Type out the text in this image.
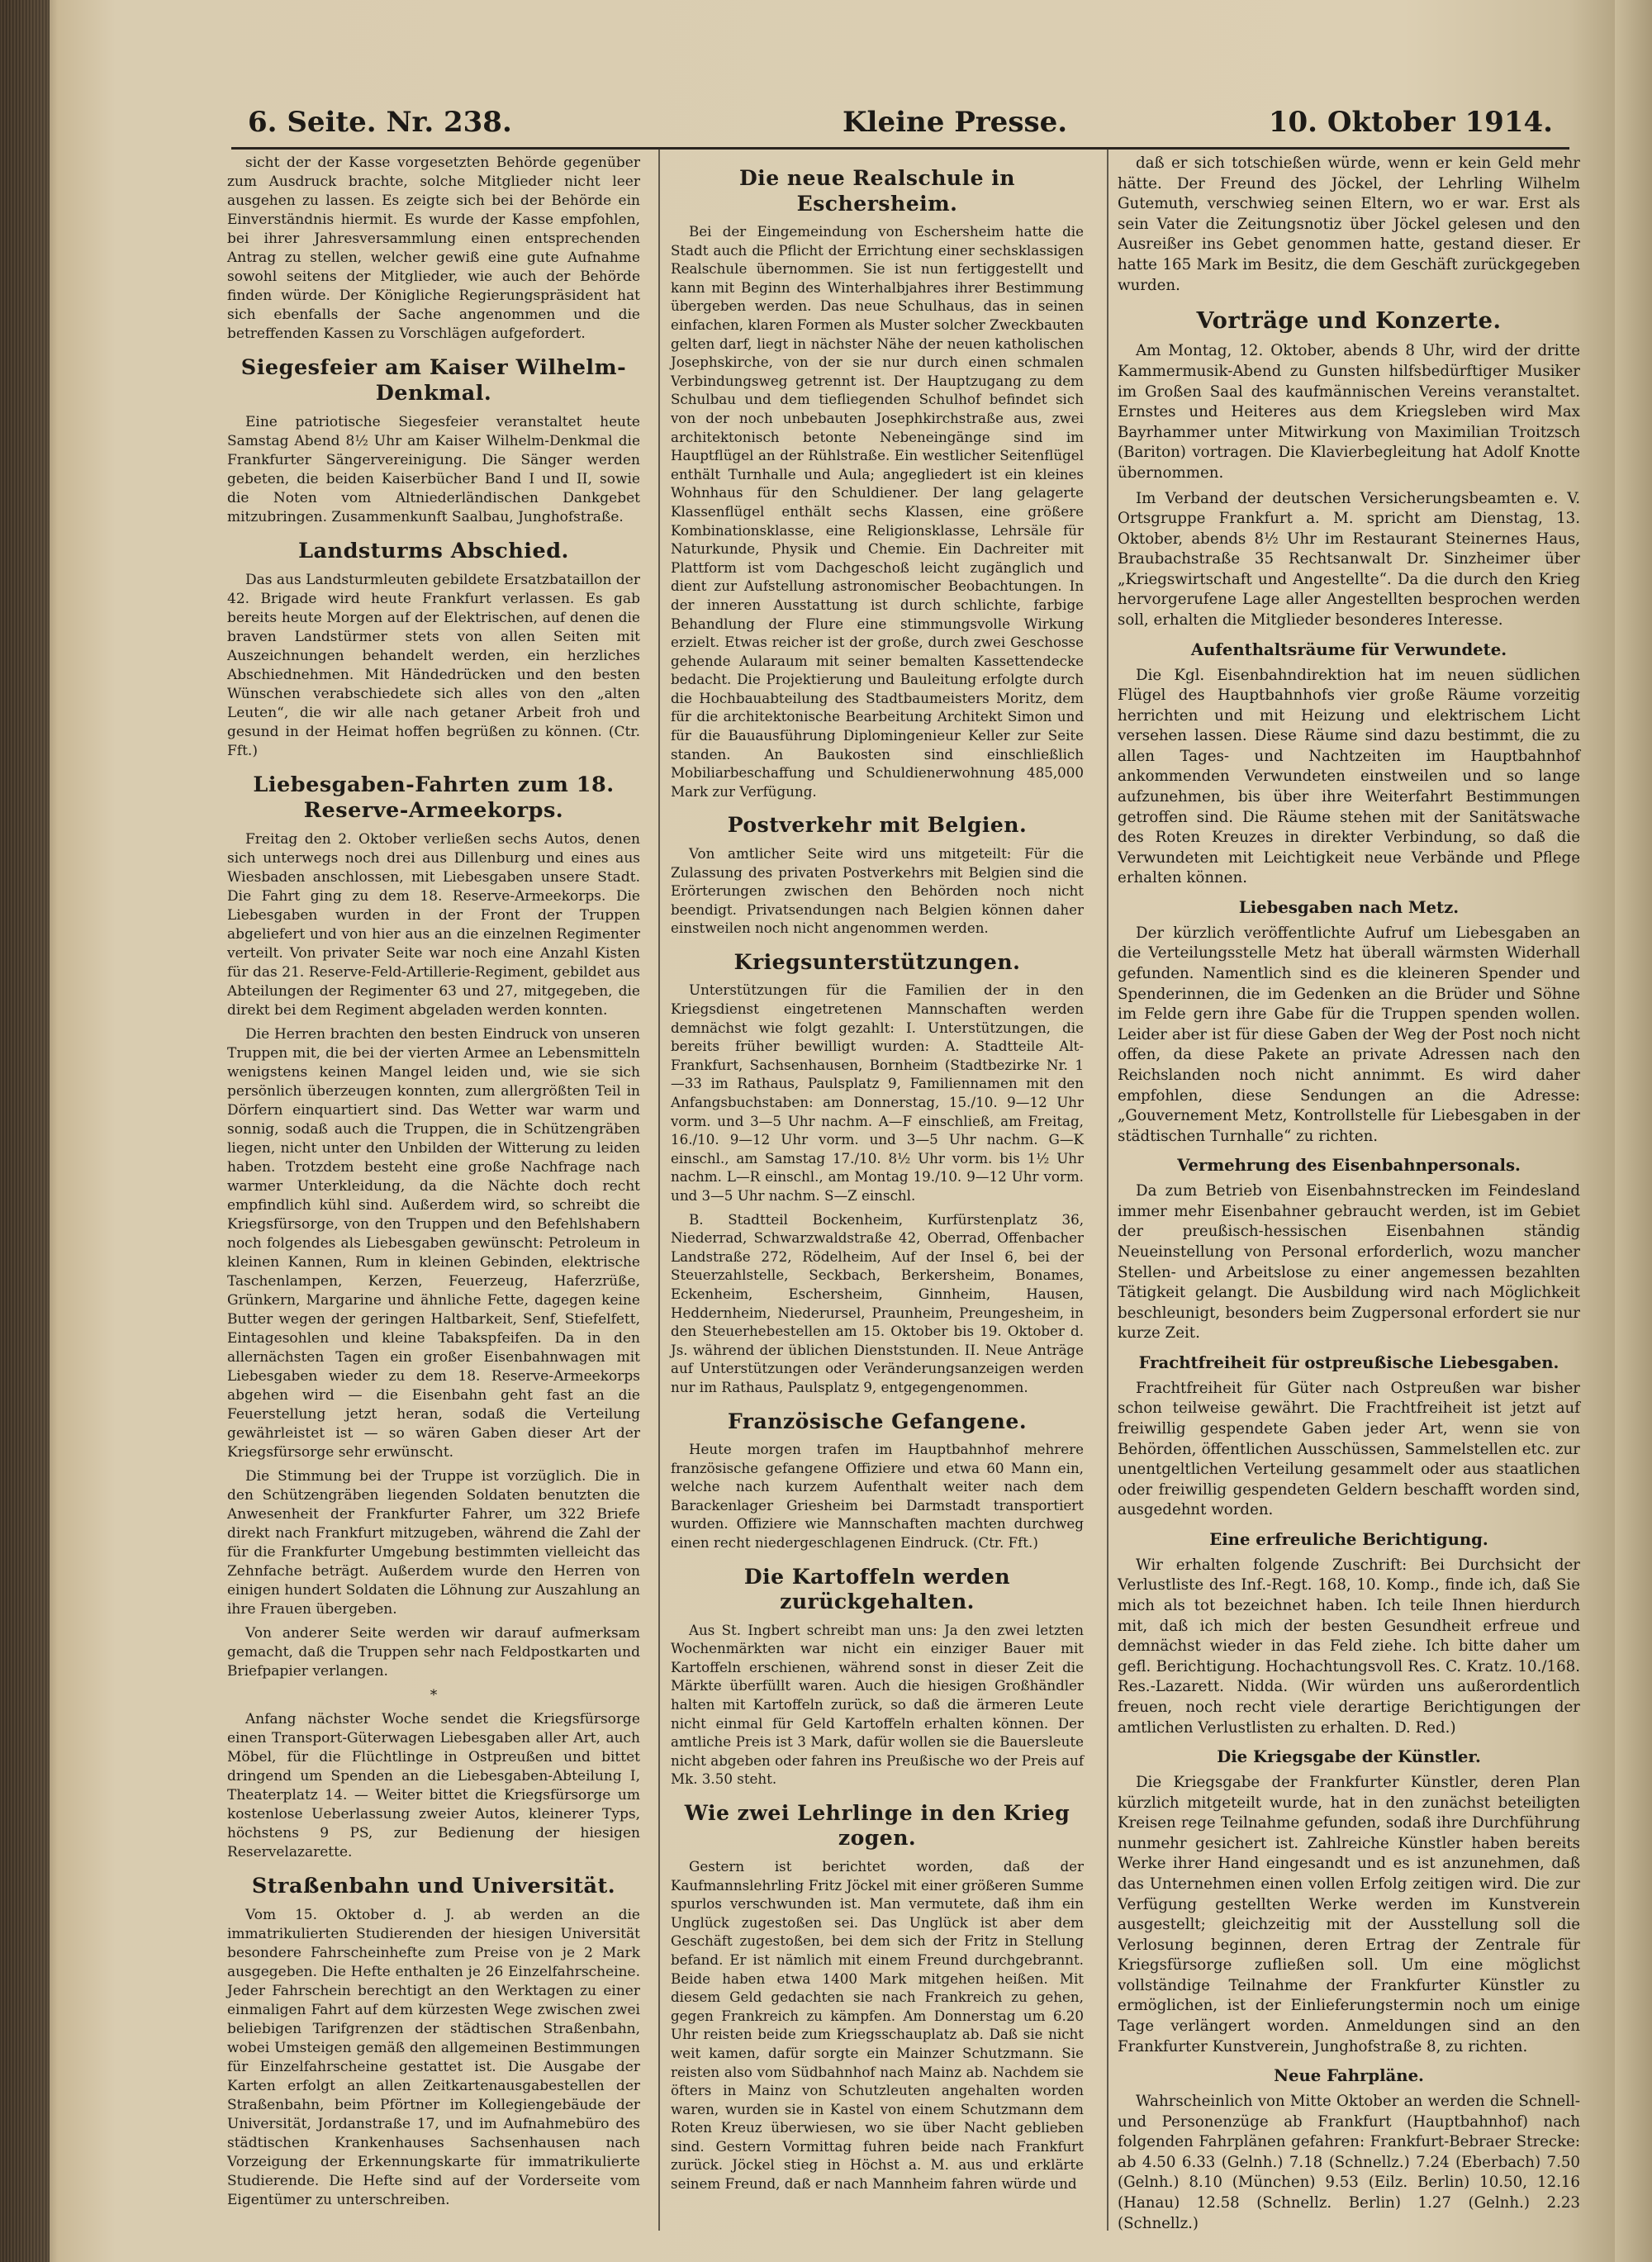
6. Seite. Nr. 238.	Kleine Presse.	10. Oktober 1914.

sicht der der Kasse vorgesetzten Behörde gegenüber zum Ausdruck brachte, solche Mitglieder nicht leer ausgehen zu lassen. Es zeigte sich bei der Behörde ein Einverständnis hiermit. Es wurde der Kasse empfohlen, bei ihrer Jahresversammlung einen entsprechenden Antrag zu stellen, welcher gewiß eine gute Aufnahme sowohl seitens der Mitglieder, wie auch der Behörde finden würde. Der Königliche Regierungspräsident hat sich ebenfalls der Sache angenommen und die betreffenden Kassen zu Vorschlägen aufgefordert.

Siegesfeier am Kaiser Wilhelm-Denkmal.

Eine patriotische Siegesfeier veranstaltet heute Samstag Abend 8½ Uhr am Kaiser Wilhelm-Denkmal die Frankfurter Sängervereinigung. Die Sänger werden gebeten, die beiden Kaiserbücher Band I und II, sowie die Noten vom Altniederländischen Dankgebet mitzubringen. Zusammenkunft Saalbau, Junghofstraße.

Landsturms Abschied.

Das aus Landsturmleuten gebildete Ersatzbataillon der 42. Brigade wird heute Frankfurt verlassen. Es gab bereits heute Morgen auf der Elektrischen, auf denen die braven Landstürmer stets von allen Seiten mit Auszeichnungen behandelt werden, ein herzliches Abschiednehmen. Mit Händedrücken und den besten Wünschen verabschiedete sich alles von den „alten Leuten“, die wir alle nach getaner Arbeit froh und gesund in der Heimat hoffen begrüßen zu können. (Ctr. Fft.)

Liebesgaben-Fahrten zum 18. Reserve-Armeekorps.

Freitag den 2. Oktober verließen sechs Autos, denen sich unterwegs noch drei aus Dillenburg und eines aus Wiesbaden anschlossen, mit Liebesgaben unsere Stadt. Die Fahrt ging zu dem 18. Reserve-Armeekorps. Die Liebesgaben wurden in der Front der Truppen abgeliefert und von hier aus an die einzelnen Regimenter verteilt. Von privater Seite war noch eine Anzahl Kisten für das 21. Reserve-Feld-Artillerie-Regiment, gebildet aus Abteilungen der Regimenter 63 und 27, mitgegeben, die direkt bei dem Regiment abgeladen werden konnten.

Die Herren brachten den besten Eindruck von unseren Truppen mit, die bei der vierten Armee an Lebensmitteln wenigstens keinen Mangel leiden und, wie sie sich persönlich überzeugen konnten, zum allergrößten Teil in Dörfern einquartiert sind. Das Wetter war warm und sonnig, sodaß auch die Truppen, die in Schützengräben liegen, nicht unter den Unbilden der Witterung zu leiden haben. Trotzdem besteht eine große Nachfrage nach warmer Unterkleidung, da die Nächte doch recht empfindlich kühl sind. Außerdem wird, so schreibt die Kriegsfürsorge, von den Truppen und den Befehlshabern noch folgendes als Liebesgaben gewünscht: Petroleum in kleinen Kannen, Rum in kleinen Gebinden, elektrische Taschenlampen, Kerzen, Feuerzeug, Haferzrüße, Grünkern, Margarine und ähnliche Fette, dagegen keine Butter wegen der geringen Haltbarkeit, Senf, Stiefelfett, Eintagesohlen und kleine Tabakspfeifen. Da in den allernächsten Tagen ein großer Eisenbahnwagen mit Liebesgaben wieder zu dem 18. Reserve-Armeekorps abgehen wird — die Eisenbahn geht fast an die Feuerstellung jetzt heran, sodaß die Verteilung gewährleistet ist — so wären Gaben dieser Art der Kriegsfürsorge sehr erwünscht.

Die Stimmung bei der Truppe ist vorzüglich. Die in den Schützengräben liegenden Soldaten benutzten die Anwesenheit der Frankfurter Fahrer, um 322 Briefe direkt nach Frankfurt mitzugeben, während die Zahl der für die Frankfurter Umgebung bestimmten vielleicht das Zehnfache beträgt. Außerdem wurde den Herren von einigen hundert Soldaten die Löhnung zur Auszahlung an ihre Frauen übergeben.

Von anderer Seite werden wir darauf aufmerksam gemacht, daß die Truppen sehr nach Feldpostkarten und Briefpapier verlangen.

*

Anfang nächster Woche sendet die Kriegsfürsorge einen Transport-Güterwagen Liebesgaben aller Art, auch Möbel, für die Flüchtlinge in Ostpreußen und bittet dringend um Spenden an die Liebesgaben-Abteilung I, Theaterplatz 14. — Weiter bittet die Kriegsfürsorge um kostenlose Ueberlassung zweier Autos, kleinerer Typs, höchstens 9 PS, zur Bedienung der hiesigen Reservelazarette.

Straßenbahn und Universität.

Vom 15. Oktober d. J. ab werden an die immatrikulierten Studierenden der hiesigen Universität besondere Fahrscheinhefte zum Preise von je 2 Mark ausgegeben. Die Hefte enthalten je 26 Einzelfahrscheine. Jeder Fahrschein berechtigt an den Werktagen zu einer einmaligen Fahrt auf dem kürzesten Wege zwischen zwei beliebigen Tarifgrenzen der städtischen Straßenbahn, wobei Umsteigen gemäß den allgemeinen Bestimmungen für Einzelfahrscheine gestattet ist. Die Ausgabe der Karten erfolgt an allen Zeitkartenausgabestellen der Straßenbahn, beim Pförtner im Kollegiengebäude der Universität, Jordanstraße 17, und im Aufnahmebüro des städtischen Krankenhauses Sachsenhausen nach Vorzeigung der Erkennungskarte für immatrikulierte Studierende. Die Hefte sind auf der Vorderseite vom Eigentümer zu unterschreiben.

Die neue Realschule in Eschersheim.

Bei der Eingemeindung von Eschersheim hatte die Stadt auch die Pflicht der Errichtung einer sechsklassigen Realschule übernommen. Sie ist nun fertiggestellt und kann mit Beginn des Winterhalbjahres ihrer Bestimmung übergeben werden. Das neue Schulhaus, das in seinen einfachen, klaren Formen als Muster solcher Zweckbauten gelten darf, liegt in nächster Nähe der neuen katholischen Josephskirche, von der sie nur durch einen schmalen Verbindungsweg getrennt ist. Der Hauptzugang zu dem Schulbau und dem tiefliegenden Schulhof befindet sich von der noch unbebauten Josephkirchstraße aus, zwei architektonisch betonte Nebeneingänge sind im Hauptflügel an der Rühlstraße. Ein westlicher Seitenflügel enthält Turnhalle und Aula; angegliedert ist ein kleines Wohnhaus für den Schuldiener. Der lang gelagerte Klassenflügel enthält sechs Klassen, eine größere Kombinationsklasse, eine Religionsklasse, Lehrsäle für Naturkunde, Physik und Chemie. Ein Dachreiter mit Plattform ist vom Dachgeschoß leicht zugänglich und dient zur Aufstellung astronomischer Beobachtungen. In der inneren Ausstattung ist durch schlichte, farbige Behandlung der Flure eine stimmungsvolle Wirkung erzielt. Etwas reicher ist der große, durch zwei Geschosse gehende Aularaum mit seiner bemalten Kassettendecke bedacht. Die Projektierung und Bauleitung erfolgte durch die Hochbauabteilung des Stadtbaumeisters Moritz, dem für die architektonische Bearbeitung Architekt Simon und für die Bauausführung Diplomingenieur Keller zur Seite standen. An Baukosten sind einschließlich Mobiliarbeschaffung und Schuldienerwohnung 485,000 Mark zur Verfügung.

Postverkehr mit Belgien.

Von amtlicher Seite wird uns mitgeteilt: Für die Zulassung des privaten Postverkehrs mit Belgien sind die Erörterungen zwischen den Behörden noch nicht beendigt. Privatsendungen nach Belgien können daher einstweilen noch nicht angenommen werden.

Kriegsunterstützungen.

Unterstützungen für die Familien der in den Kriegsdienst eingetretenen Mannschaften werden demnächst wie folgt gezahlt: I. Unterstützungen, die bereits früher bewilligt wurden: A. Stadtteile Alt-Frankfurt, Sachsenhausen, Bornheim (Stadtbezirke Nr. 1—33 im Rathaus, Paulsplatz 9, Familiennamen mit den Anfangsbuchstaben: am Donnerstag, 15./10. 9—12 Uhr vorm. und 3—5 Uhr nachm. A—F einschließ, am Freitag, 16./10. 9—12 Uhr vorm. und 3—5 Uhr nachm. G—K einschl., am Samstag 17./10. 8½ Uhr vorm. bis 1½ Uhr nachm. L—R einschl., am Montag 19./10. 9—12 Uhr vorm. und 3—5 Uhr nachm. S—Z einschl.

B. Stadtteil Bockenheim, Kurfürstenplatz 36, Niederrad, Schwarzwaldstraße 42, Oberrad, Offenbacher Landstraße 272, Rödelheim, Auf der Insel 6, bei der Steuerzahlstelle, Seckbach, Berkersheim, Bonames, Eckenheim, Eschersheim, Ginnheim, Hausen, Heddernheim, Niederursel, Praunheim, Preungesheim, in den Steuerhebestellen am 15. Oktober bis 19. Oktober d. Js. während der üblichen Dienststunden. II. Neue Anträge auf Unterstützungen oder Veränderungsanzeigen werden nur im Rathaus, Paulsplatz 9, entgegengenommen.

Französische Gefangene.

Heute morgen trafen im Hauptbahnhof mehrere französische gefangene Offiziere und etwa 60 Mann ein, welche nach kurzem Aufenthalt weiter nach dem Barackenlager Griesheim bei Darmstadt transportiert wurden. Offiziere wie Mannschaften machten durchweg einen recht niedergeschlagenen Eindruck. (Ctr. Fft.)

Die Kartoffeln werden zurückgehalten.

Aus St. Ingbert schreibt man uns: Ja den zwei letzten Wochenmärkten war nicht ein einziger Bauer mit Kartoffeln erschienen, während sonst in dieser Zeit die Märkte überfüllt waren. Auch die hiesigen Großhändler halten mit Kartoffeln zurück, so daß die ärmeren Leute nicht einmal für Geld Kartoffeln erhalten können. Der amtliche Preis ist 3 Mark, dafür wollen sie die Bauersleute nicht abgeben oder fahren ins Preußische wo der Preis auf Mk. 3.50 steht.

Wie zwei Lehrlinge in den Krieg zogen.

Gestern ist berichtet worden, daß der Kaufmannslehrling Fritz Jöckel mit einer größeren Summe spurlos verschwunden ist. Man vermutete, daß ihm ein Unglück zugestoßen sei. Das Unglück ist aber dem Geschäft zugestoßen, bei dem sich der Fritz in Stellung befand. Er ist nämlich mit einem Freund durchgebrannt. Beide haben etwa 1400 Mark mitgehen heißen. Mit diesem Geld gedachten sie nach Frankreich zu gehen, gegen Frankreich zu kämpfen. Am Donnerstag um 6.20 Uhr reisten beide zum Kriegsschauplatz ab. Daß sie nicht weit kamen, dafür sorgte ein Mainzer Schutzmann. Sie reisten also vom Südbahnhof nach Mainz ab. Nachdem sie öfters in Mainz von Schutzleuten angehalten worden waren, wurden sie in Kastel von einem Schutzmann dem Roten Kreuz überwiesen, wo sie über Nacht geblieben sind. Gestern Vormittag fuhren beide nach Frankfurt zurück. Jöckel stieg in Höchst a. M. aus und erklärte seinem Freund, daß er nach Mannheim fahren würde und

daß er sich totschießen würde, wenn er kein Geld mehr hätte. Der Freund des Jöckel, der Lehrling Wilhelm Gutemuth, verschwieg seinen Eltern, wo er war. Erst als sein Vater die Zeitungsnotiz über Jöckel gelesen und den Ausreißer ins Gebet genommen hatte, gestand dieser. Er hatte 165 Mark im Besitz, die dem Geschäft zurückgegeben wurden.

Vorträge und Konzerte.

Am Montag, 12. Oktober, abends 8 Uhr, wird der dritte Kammermusik-Abend zu Gunsten hilfsbedürftiger Musiker im Großen Saal des kaufmännischen Vereins veranstaltet. Ernstes und Heiteres aus dem Kriegsleben wird Max Bayrhammer unter Mitwirkung von Maximilian Troitzsch (Bariton) vortragen. Die Klavierbegleitung hat Adolf Knotte übernommen.

Im Verband der deutschen Versicherungsbeamten e. V. Ortsgruppe Frankfurt a. M. spricht am Dienstag, 13. Oktober, abends 8½ Uhr im Restaurant Steinernes Haus, Braubachstraße 35 Rechtsanwalt Dr. Sinzheimer über „Kriegswirtschaft und Angestellte“. Da die durch den Krieg hervorgerufene Lage aller Angestellten besprochen werden soll, erhalten die Mitglieder besonderes Interesse.

Aufenthaltsräume für Verwundete.

Die Kgl. Eisenbahndirektion hat im neuen südlichen Flügel des Hauptbahnhofs vier große Räume vorzeitig herrichten und mit Heizung und elektrischem Licht versehen lassen. Diese Räume sind dazu bestimmt, die zu allen Tages- und Nachtzeiten im Hauptbahnhof ankommenden Verwundeten einstweilen und so lange aufzunehmen, bis über ihre Weiterfahrt Bestimmungen getroffen sind. Die Räume stehen mit der Sanitätswache des Roten Kreuzes in direkter Verbindung, so daß die Verwundeten mit Leichtigkeit neue Verbände und Pflege erhalten können.

Liebesgaben nach Metz.

Der kürzlich veröffentlichte Aufruf um Liebesgaben an die Verteilungsstelle Metz hat überall wärmsten Widerhall gefunden. Namentlich sind es die kleineren Spender und Spenderinnen, die im Gedenken an die Brüder und Söhne im Felde gern ihre Gabe für die Truppen spenden wollen. Leider aber ist für diese Gaben der Weg der Post noch nicht offen, da diese Pakete an private Adressen nach den Reichslanden noch nicht annimmt. Es wird daher empfohlen, diese Sendungen an die Adresse: „Gouvernement Metz, Kontrollstelle für Liebesgaben in der städtischen Turnhalle“ zu richten.

Vermehrung des Eisenbahnpersonals.

Da zum Betrieb von Eisenbahnstrecken im Feindesland immer mehr Eisenbahner gebraucht werden, ist im Gebiet der preußisch-hessischen Eisenbahnen ständig Neueinstellung von Personal erforderlich, wozu mancher Stellen- und Arbeitslose zu einer angemessen bezahlten Tätigkeit gelangt. Die Ausbildung wird nach Möglichkeit beschleunigt, besonders beim Zugpersonal erfordert sie nur kurze Zeit.

Frachtfreiheit für ostpreußische Liebesgaben.

Frachtfreiheit für Güter nach Ostpreußen war bisher schon teilweise gewährt. Die Frachtfreiheit ist jetzt auf freiwillig gespendete Gaben jeder Art, wenn sie von Behörden, öffentlichen Ausschüssen, Sammelstellen etc. zur unentgeltlichen Verteilung gesammelt oder aus staatlichen oder freiwillig gespendeten Geldern beschafft worden sind, ausgedehnt worden.

Eine erfreuliche Berichtigung.

Wir erhalten folgende Zuschrift: Bei Durchsicht der Verlustliste des Inf.-Regt. 168, 10. Komp., finde ich, daß Sie mich als tot bezeichnet haben. Ich teile Ihnen hierdurch mit, daß ich mich der besten Gesundheit erfreue und demnächst wieder in das Feld ziehe. Ich bitte daher um gefl. Berichtigung. Hochachtungsvoll Res. C. Kratz. 10./168. Res.-Lazarett. Nidda. (Wir würden uns außerordentlich freuen, noch recht viele derartige Berichtigungen der amtlichen Verlustlisten zu erhalten. D. Red.)

Die Kriegsgabe der Künstler.

Die Kriegsgabe der Frankfurter Künstler, deren Plan kürzlich mitgeteilt wurde, hat in den zunächst beteiligten Kreisen rege Teilnahme gefunden, sodaß ihre Durchführung nunmehr gesichert ist. Zahlreiche Künstler haben bereits Werke ihrer Hand eingesandt und es ist anzunehmen, daß das Unternehmen einen vollen Erfolg zeitigen wird. Die zur Verfügung gestellten Werke werden im Kunstverein ausgestellt; gleichzeitig mit der Ausstellung soll die Verlosung beginnen, deren Ertrag der Zentrale für Kriegsfürsorge zufließen soll. Um eine möglichst vollständige Teilnahme der Frankfurter Künstler zu ermöglichen, ist der Einlieferungstermin noch um einige Tage verlängert worden. Anmeldungen sind an den Frankfurter Kunstverein, Junghofstraße 8, zu richten.

Neue Fahrpläne.

Wahrscheinlich von Mitte Oktober an werden die Schnell- und Personenzüge ab Frankfurt (Hauptbahnhof) nach folgenden Fahrplänen gefahren: Frankfurt-Bebraer Strecke: ab 4.50 6.33 (Gelnh.) 7.18 (Schnellz.) 7.24 (Eberbach) 7.50 (Gelnh.) 8.10 (München) 9.53 (Eilz. Berlin) 10.50, 12.16 (Hanau) 12.58 (Schnellz. Berlin) 1.27 (Gelnh.) 2.23 (Schnellz.)
